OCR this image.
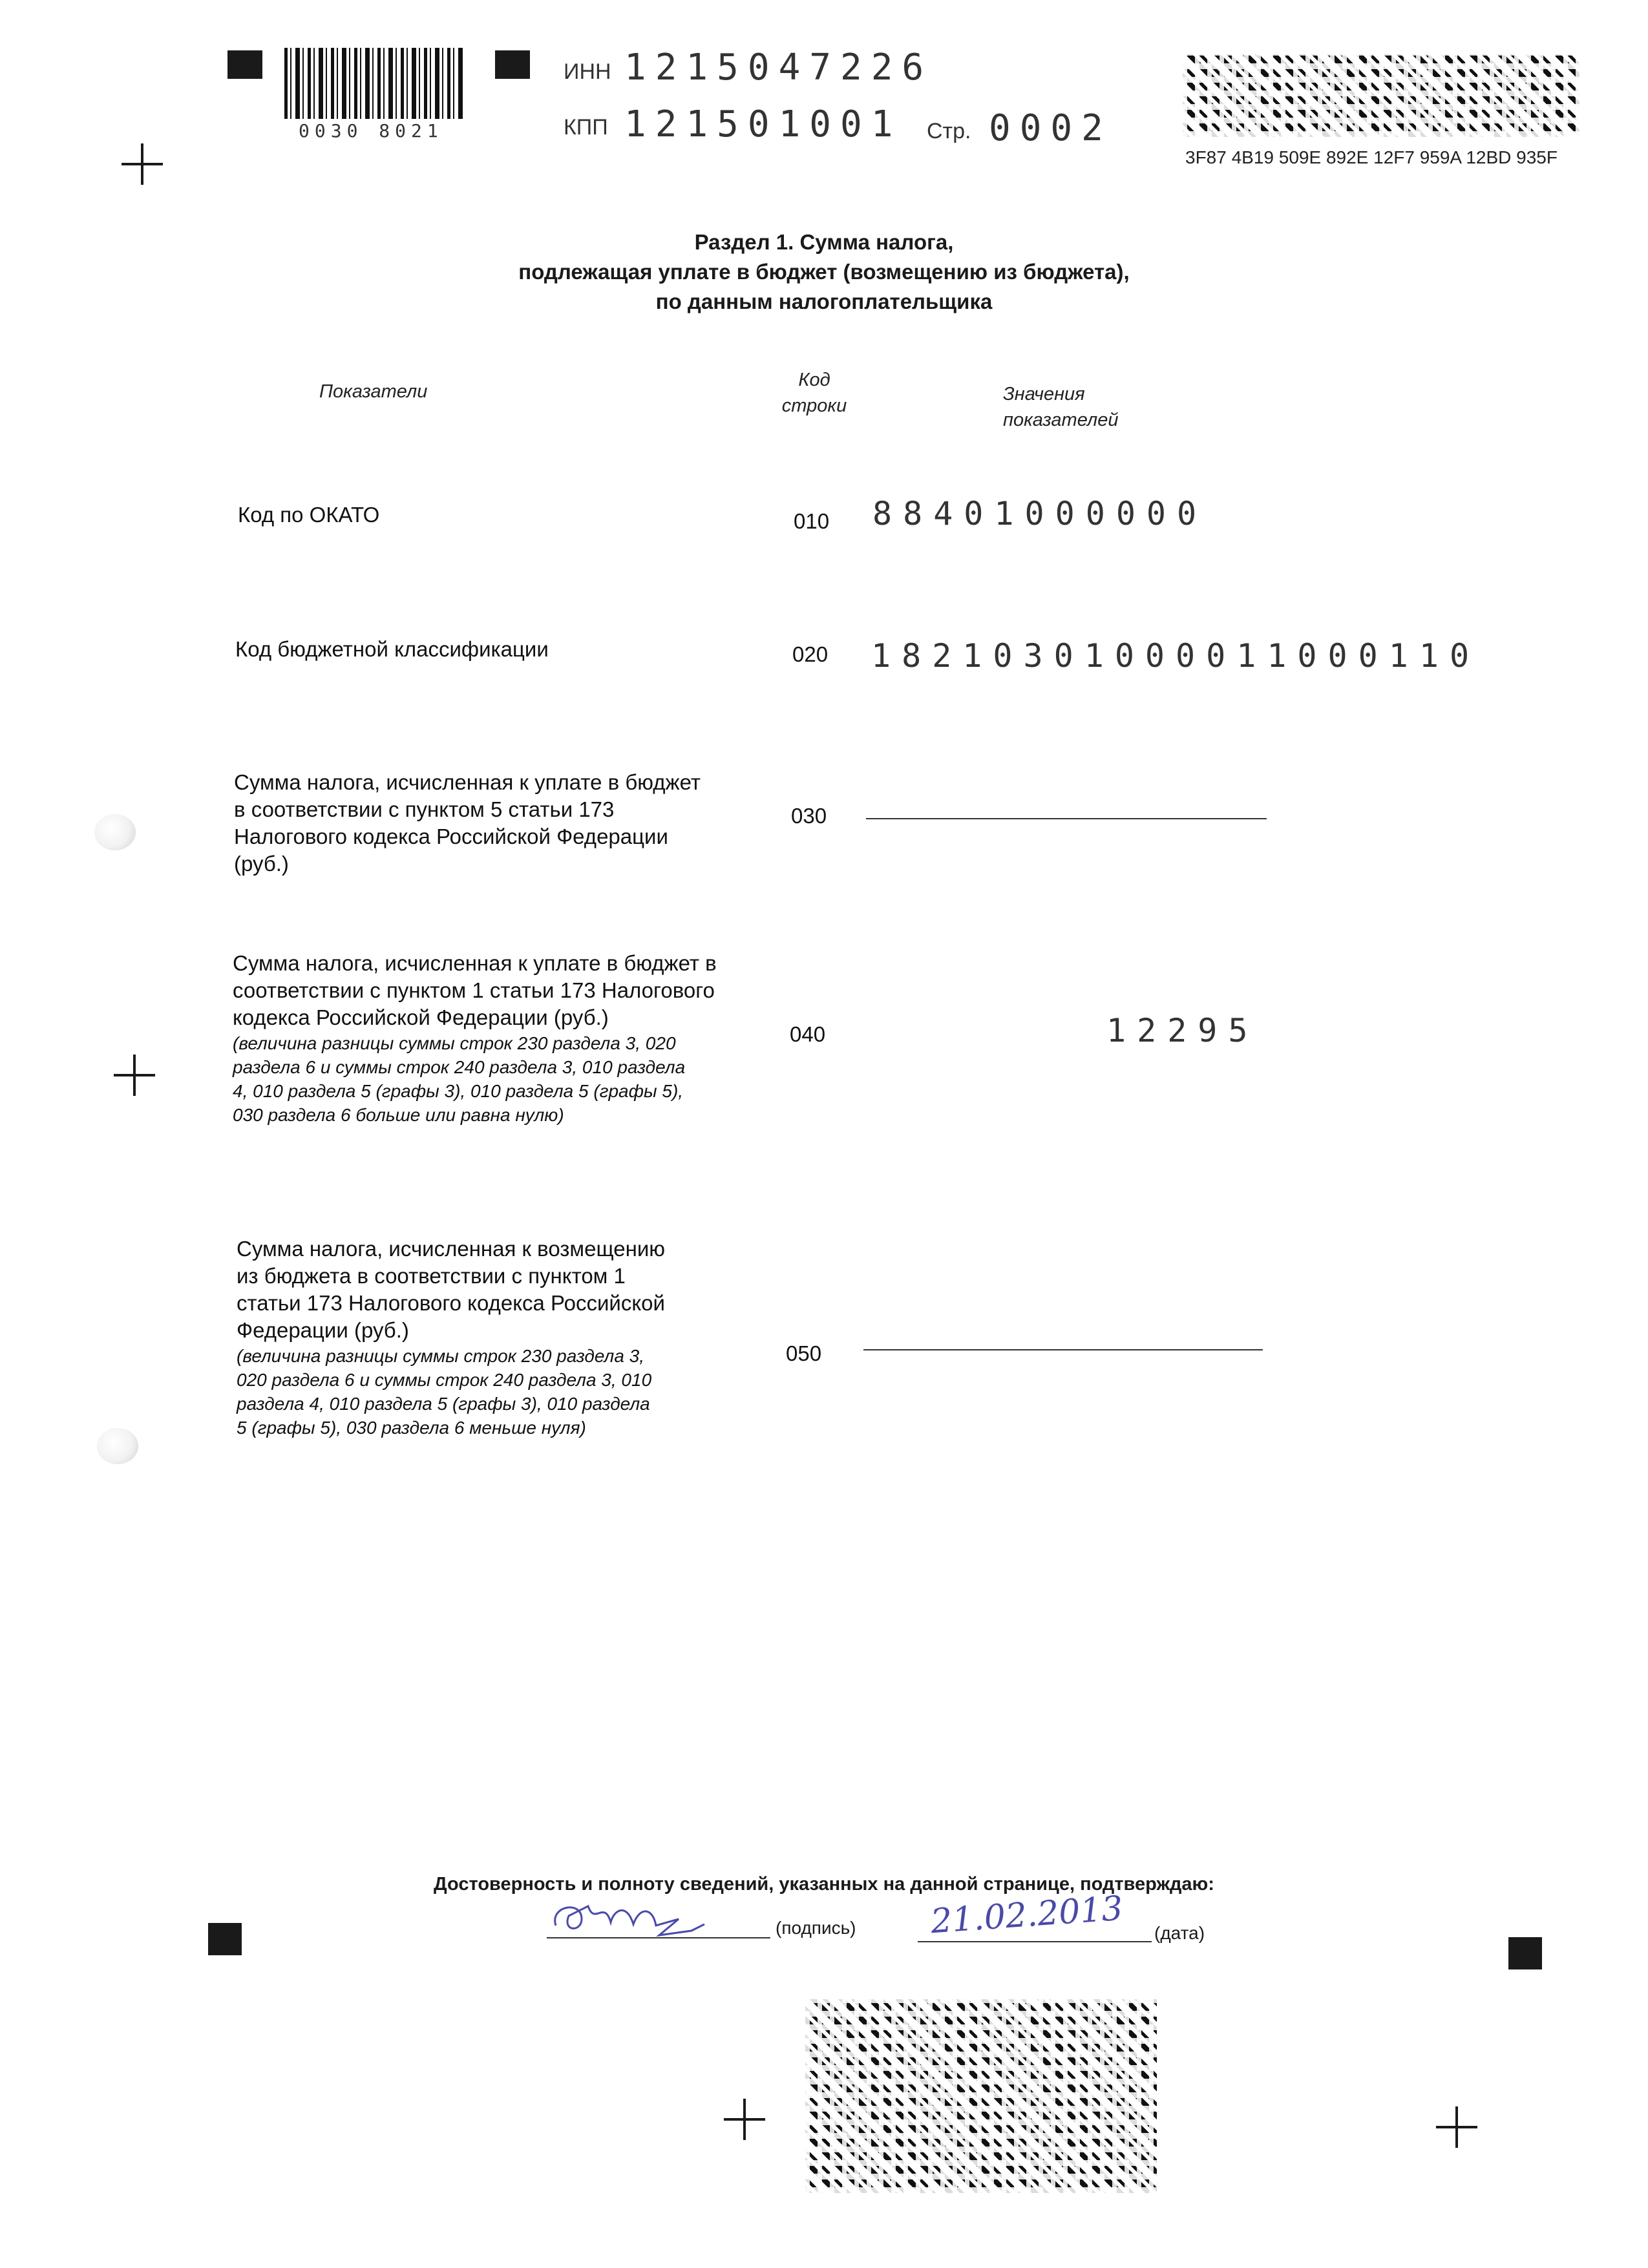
0030 8021
ИНН 1215047226
КПП 121501001 Стр. 0002
3F87 4B19 509E 892E 12F7 959A 12BD 935F
Раздел 1. Сумма налога,
подлежащая уплате в бюджет (возмещению из бюджета),
по данным налогоплательщика
Показатели
Код
строки
Значения
показателей
Код по ОКАТО	010 88401000000
Код бюджетной классификации	020 18210301000011000110
Сумма налога, исчисленная к уплате в бюджет
в соответствии с пунктом 5 статьи 173
Налогового кодекса Российской Федерации
(руб.)
030
Сумма налога, исчисленная к уплате в бюджет в
соответствии с пунктом 1 статьи 173 Налогового
кодекса Российской Федерации (руб.)
(величина разницы суммы строк 230 раздела 3, 020
раздела 6 и суммы строк 240 раздела 3, 010 раздела
4, 010 раздела 5 (графы 3), 010 раздела 5 (графы 5),
030 раздела 6 больше или равна нулю)
040	12295
Сумма налога, исчисленная к возмещению
из бюджета в соответствии с пунктом 1
статьи 173 Налогового кодекса Российской
Федерации (руб.)
(величина разницы суммы строк 230 раздела 3,
020 раздела 6 и суммы строк 240 раздела 3, 010
раздела 4, 010 раздела 5 (графы 3), 010 раздела
5 (графы 5), 030 раздела 6 меньше нуля)
050
Достоверность и полноту сведений, указанных на данной странице, подтверждаю:
(подпись) 21.02.2013 (дата)
